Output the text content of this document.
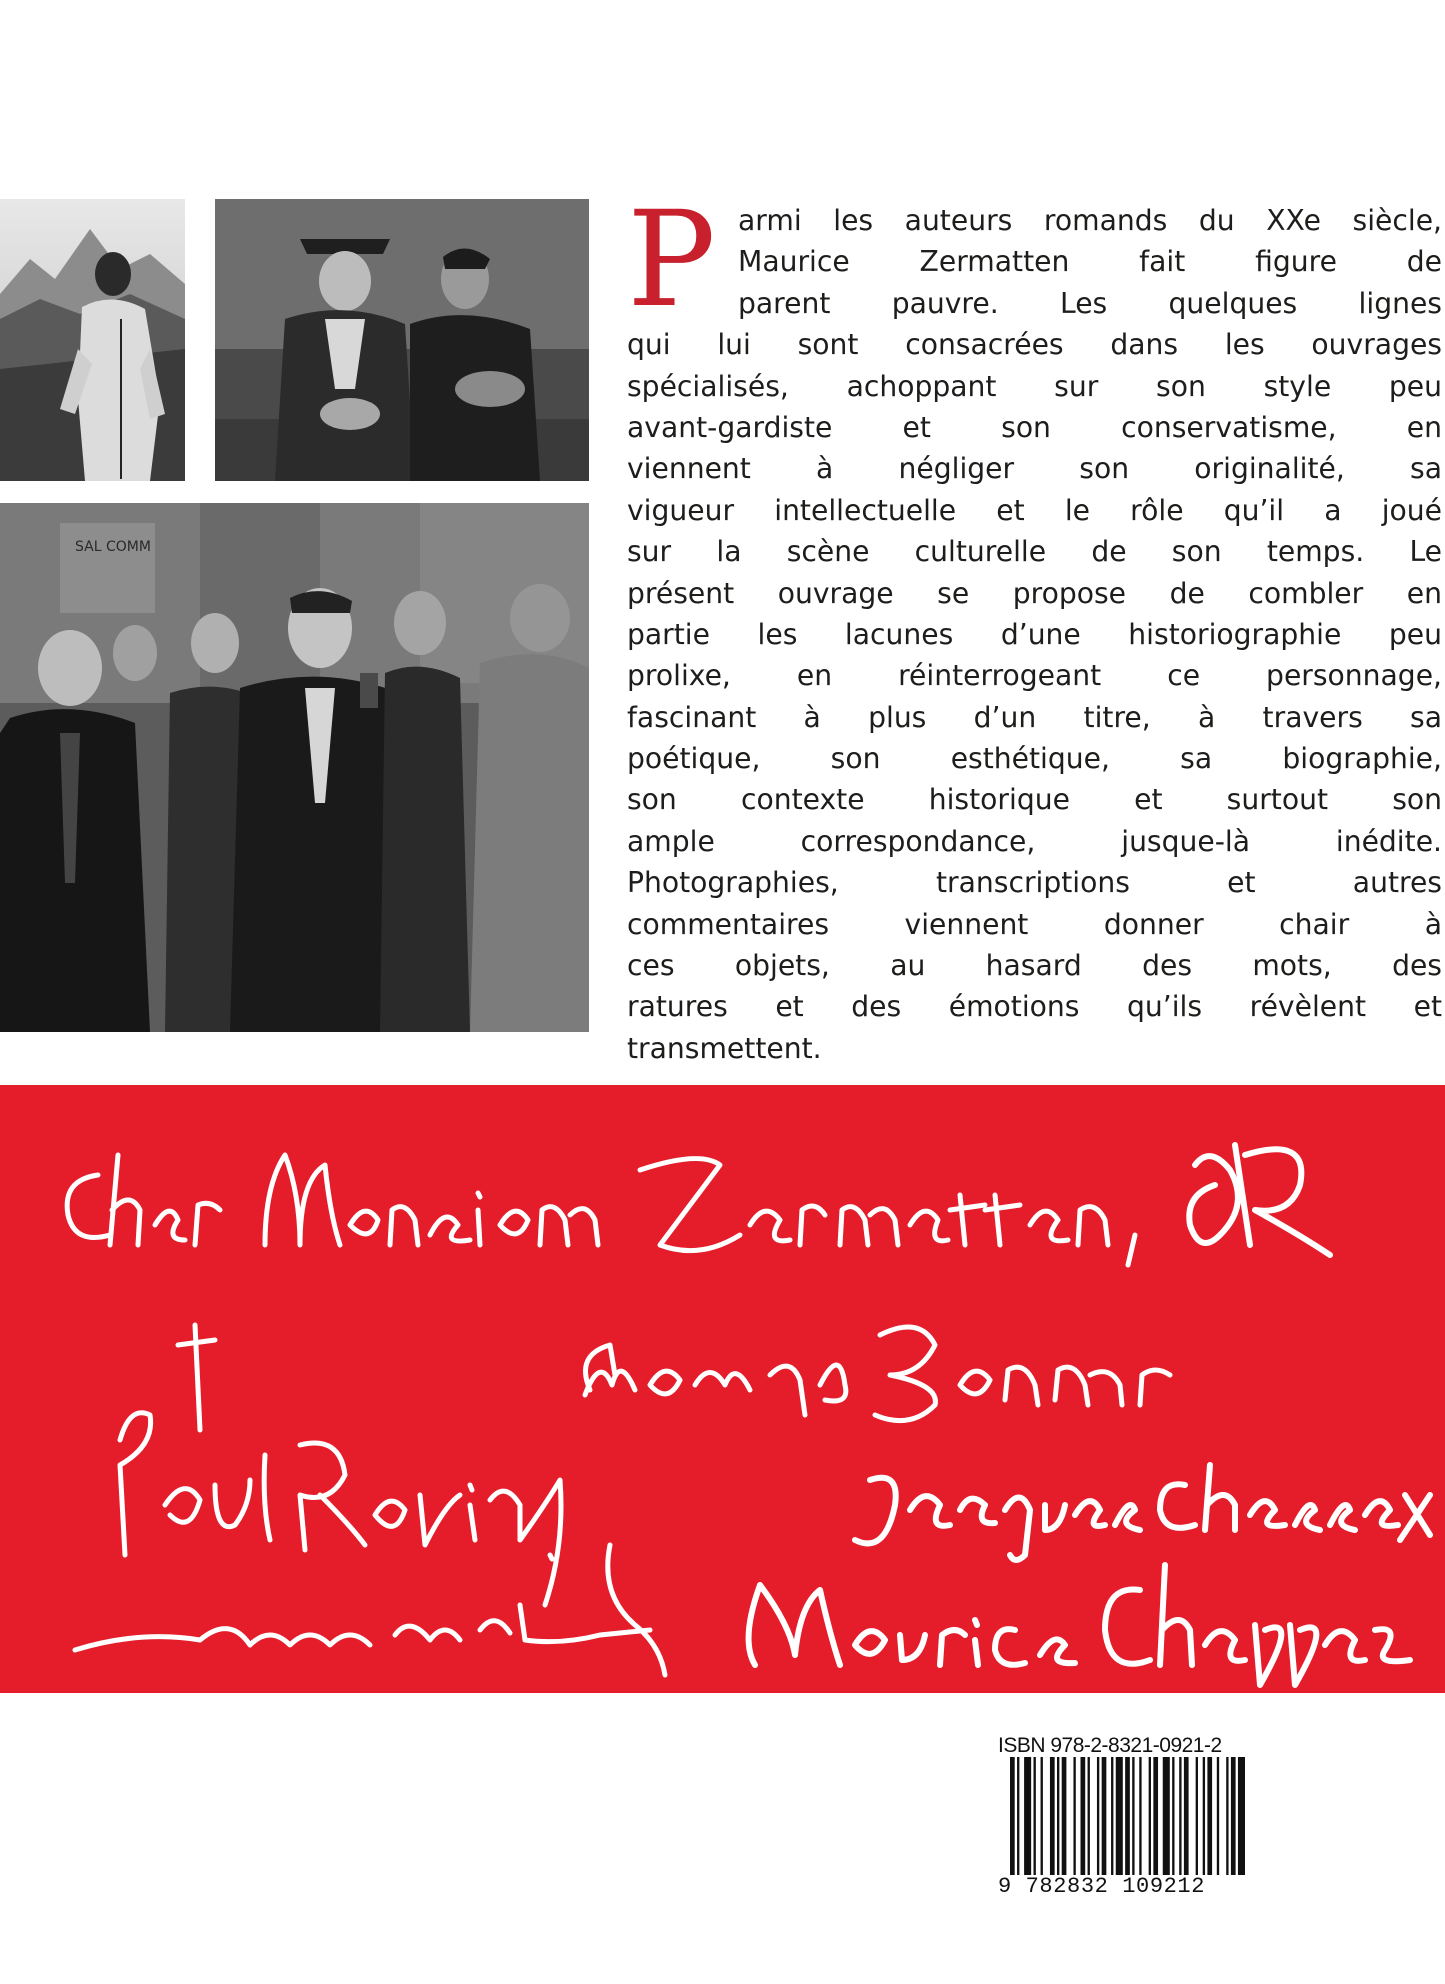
SAL COMM
P armi les auteurs romands du XXe siècle,
Maurice Zermatten fait figure de
parent pauvre. Les quelques lignes
qui lui sont consacrées dans les ouvrages
spécialisés, achoppant sur son style peu
avant-gardiste et son conservatisme, en
viennent à négliger son originalité, sa
vigueur intellectuelle et le rôle qu’il a joué
sur la scène culturelle de son temps. Le
présent ouvrage se propose de combler en
partie les lacunes d’une historiographie peu
prolixe, en réinterrogeant ce personnage,
fascinant à plus d’un titre, à travers sa
poétique, son esthétique, sa biographie,
son contexte historique et surtout son
ample correspondance, jusque-là inédite.
Photographies, transcriptions et autres
commentaires viennent donner chair à
ces objets, au hasard des mots, des
ratures et des émotions qu’ils révèlent et
transmettent.
ISBN 978-2-8321-0921-2
9 782832 109212
